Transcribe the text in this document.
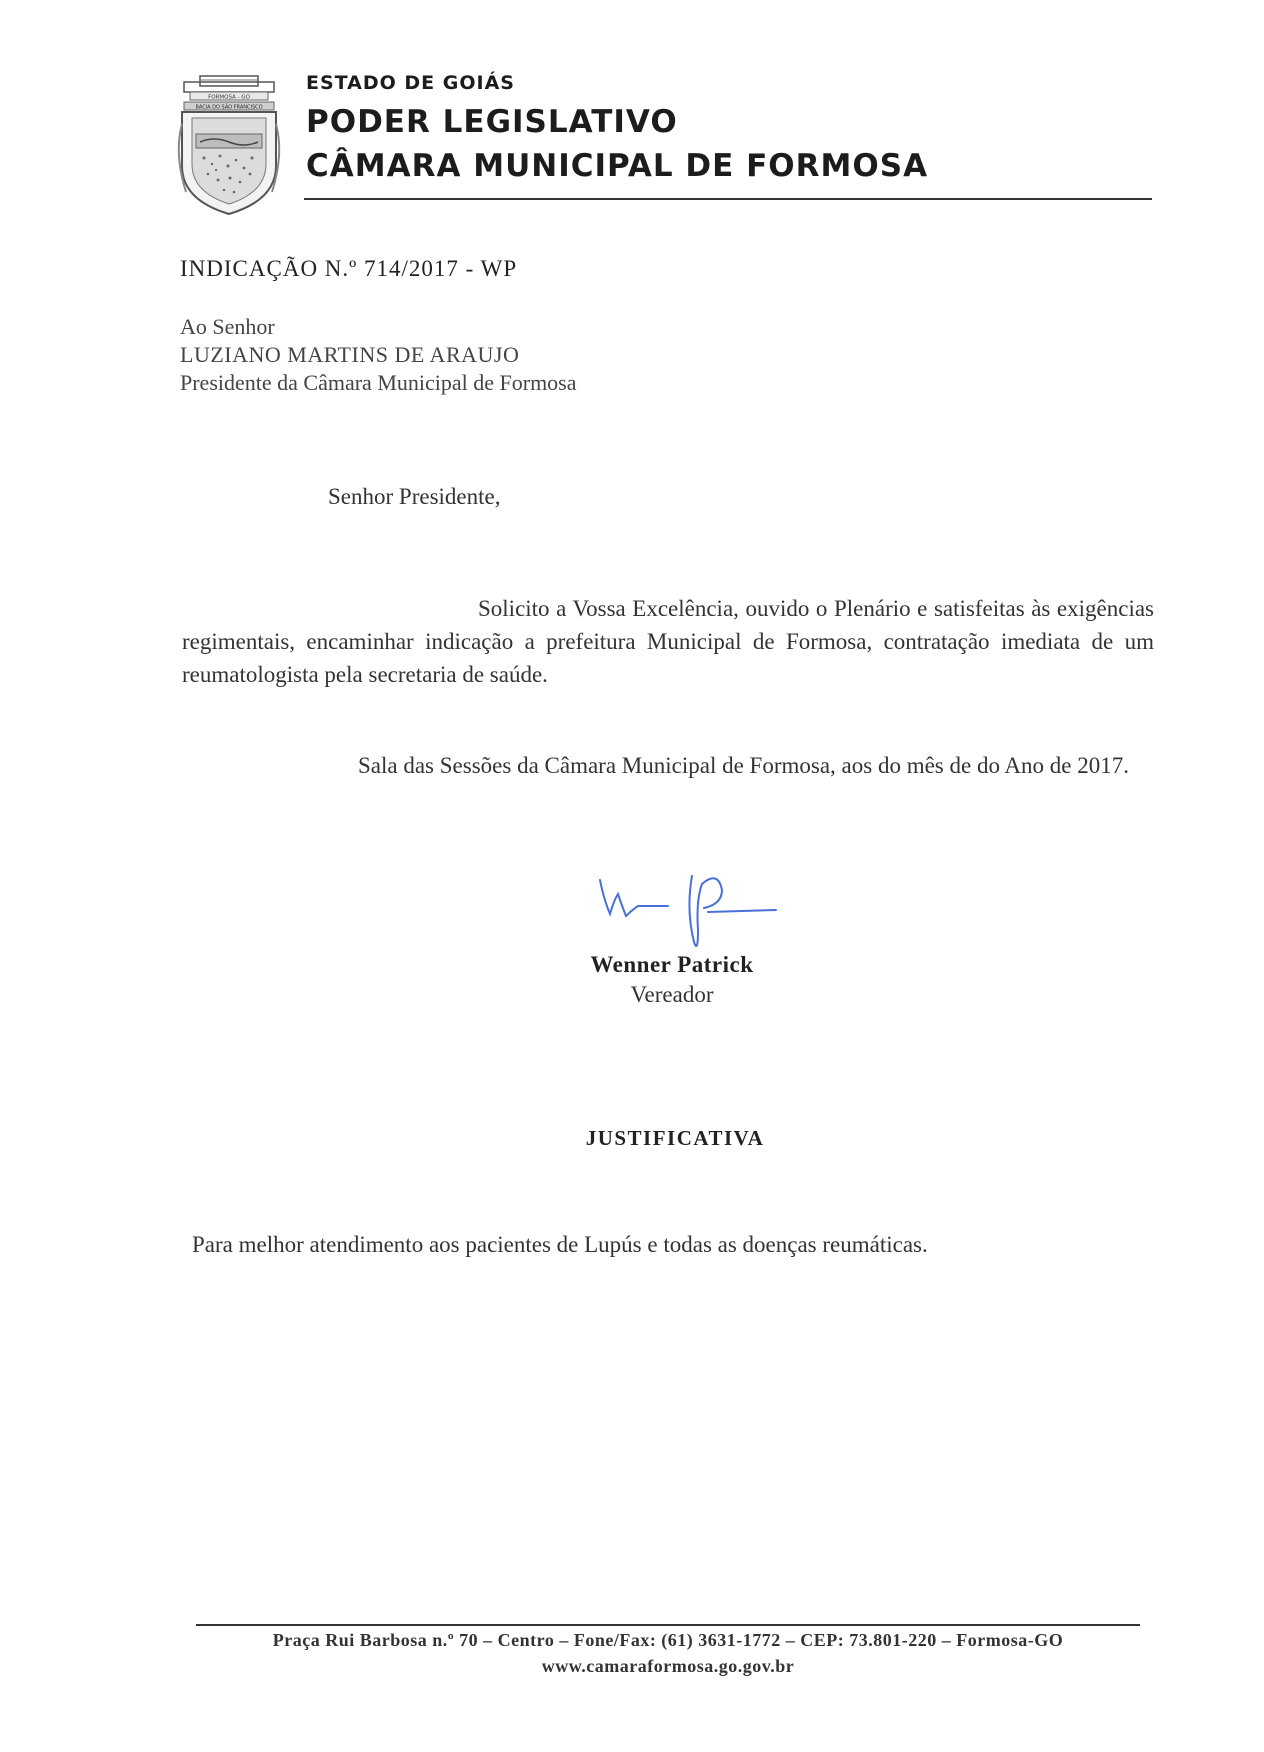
FORMOSA - GO
BACIA DO SÃO FRANCISCO
ESTADO DE GOIÁS
PODER LEGISLATIVO
CÂMARA MUNICIPAL DE FORMOSA
INDICAÇÃO N.º 714/2017 - WP
Ao Senhor
LUZIANO MARTINS DE ARAUJO
Presidente da Câmara Municipal de Formosa
Senhor Presidente,
Solicito a Vossa Excelência, ouvido o Plenário e satisfeitas às exigências regimentais, encaminhar indicação a prefeitura Municipal de Formosa, contratação imediata de um reumatologista pela secretaria de saúde.
Sala das Sessões da Câmara Municipal de Formosa, aos do mês de do Ano de 2017.
Wenner Patrick
Vereador
JUSTIFICATIVA
Para melhor atendimento aos pacientes de Lupús e todas as doenças reumáticas.
Praça Rui Barbosa n.º 70 – Centro – Fone/Fax: (61) 3631-1772 – CEP: 73.801-220 – Formosa-GO
www.camaraformosa.go.gov.br
